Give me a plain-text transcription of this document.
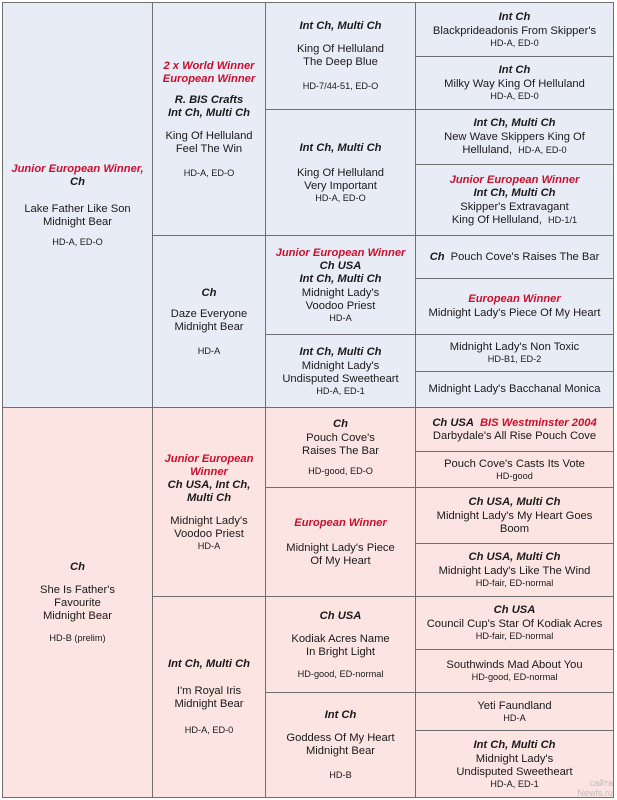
Junior European Winner,
Ch
Lake Father Like Son
Midnight Bear
HD-A, ED-O
Ch
She Is Father's
Favourite
Midnight Bear
HD-B (prelim)
2 x World Winner
European Winner
R. BIS Crafts
Int Ch, Multi Ch
King Of Helluland
Feel The Win
HD-A, ED-O
Ch
Daze Everyone
Midnight Bear
HD-A
Junior European
Winner
Ch USA, Int Ch,
Multi Ch
Midnight Lady's
Voodoo Priest
HD-A
Int Ch, Multi Ch
I'm Royal Iris
Midnight Bear
HD-A, ED-0
Int Ch, Multi Ch
King Of Helluland
The Deep Blue
HD-7/44-51, ED-O
Int Ch, Multi Ch
King Of Helluland
Very Important
HD-A, ED-O
Junior European Winner
Ch USA
Int Ch, Multi Ch
Midnight Lady's
Voodoo Priest
HD-A
Int Ch, Multi Ch
Midnight Lady's
Undisputed Sweetheart
HD-A, ED-1
Ch
Pouch Cove's
Raises The Bar
HD-good, ED-O
European Winner
Midnight Lady's Piece
Of My Heart
Ch USA
Kodiak Acres Name
In Bright Light
HD-good, ED-normal
Int Ch
Goddess Of My Heart
Midnight Bear
HD-B
Int Ch
Blackprideadonis From Skipper's
HD-A, ED-0
Int Ch
Milky Way King Of Helluland
HD-A, ED-0
Int Ch, Multi Ch
New Wave Skippers King Of
Helluland, HD-A, ED-0
Junior European Winner
Int Ch, Multi Ch
Skipper's Extravagant
King Of Helluland, HD-1/1
Ch Pouch Cove's Raises The Bar
European Winner
Midnight Lady's Piece Of My Heart
Midnight Lady's Non Toxic
HD-B1, ED-2
Midnight Lady's Bacchanal Monica
Ch USA BIS Westminster 2004
Darbydale's All Rise Pouch Cove
Pouch Cove's Casts Its Vote
HD-good
Ch USA, Multi Ch
Midnight Lady's My Heart Goes
Boom
Ch USA, Multi Ch
Midnight Lady's Like The Wind
HD-fair, ED-normal
Ch USA
Council Cup's Star Of Kodiak Acres
HD-fair, ED-normal
Southwinds Mad About You
HD-good, ED-normal
Yeti Faundland
HD-A
Int Ch, Multi Ch
Midnight Lady's
Undisputed Sweetheart
HD-A, ED-1	сайта
Newfs.ru
